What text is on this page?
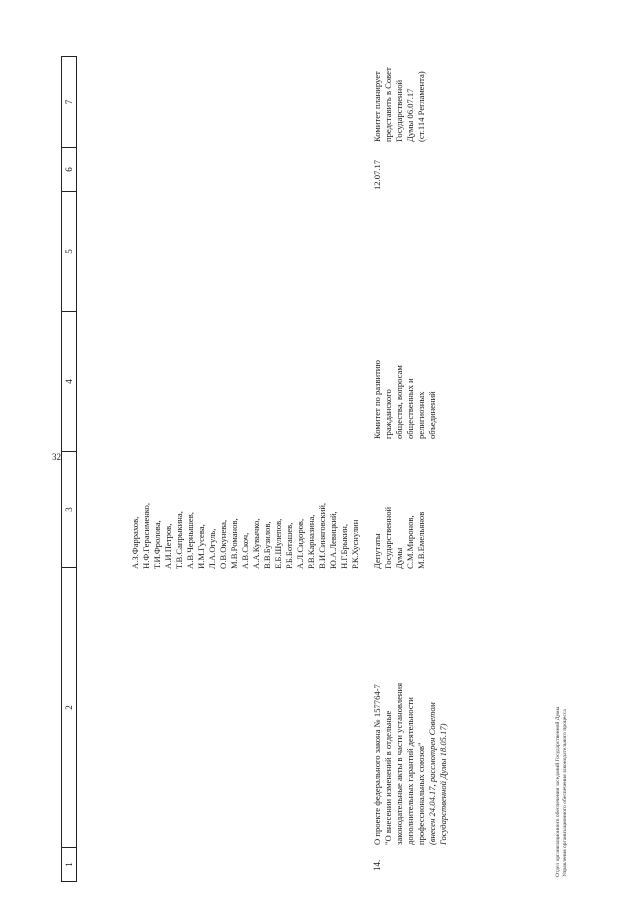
32
1
2
3
4
5
6
7
14.
О проекте федерального закона № 157764-7 "О внесении изменений в отдельные законодательные акты в части установления дополнительных гарантий деятельности профессиональных союзов" (внесен 24.04.17, рассмотрен Советом Государственной Думы 18.05.17)
А.З.Фаррахов, Н.Ф.Герасименко, Т.И.Фролова, А.И.Петров, Т.В.Сапрыкина, А.В.Чернышев, И.М.Гусева, Л.А.Огуль, О.В.Окунева, М.В.Романов, А.В.Скоч, А.А.Кувычко, В.В.Бузилов, Е.Б.Шулепов, Р.Б.Боташев, А.Л.Сидоров, Р.В.Карназина, В.И.Синяговский, Ю.А.Левицкий, Н.Г.Брыкин, Р.К.Хуснулин Депутаты Государственной Думы С.М.Миронов, М.В.Емельянов
Комитет по развитию гражданского общества, вопросам общественных и религиозных объединений
12.07.17
Комитет планирует представить в Совет Государственной Думы 06.07.17 (ст.114 Регламента)
Отдел организационного обеспечения заседаний Государственной Думы Управления организационного обеспечения законодательного процесса
